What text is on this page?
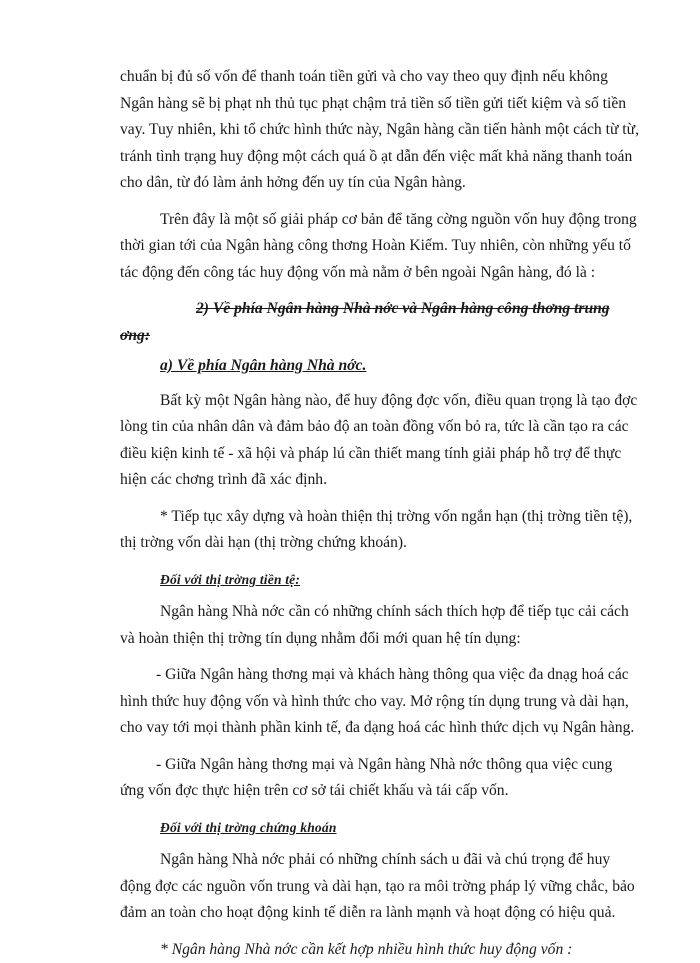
chuẩn bị đủ số vốn để thanh toán tiền gửi và cho vay theo quy định nếu không Ngân hàng sẽ bị phạt nh thủ tục phạt chậm trả tiền số tiền gửi tiết kiệm và số tiền vay. Tuy nhiên, khi tổ chức hình thức này, Ngân hàng cần tiến hành một cách từ từ, tránh tình trạng huy động một cách quá ồ ạt dẫn đến việc mất khả năng thanh toán cho dân, từ đó làm ảnh hởng đến uy tín của Ngân hàng.

Trên đây là một số giải pháp cơ bản để tăng cờng nguồn vốn huy động trong thời gian tới của Ngân hàng công thơng Hoàn Kiếm. Tuy nhiên, còn những yếu tố tác động đến công tác huy động vốn mà nằm ở bên ngoài Ngân hàng, đó là :

2) Về phía Ngân hàng Nhà nớc và Ngân hàng công thơng trung ơng:

a) Về phía Ngân hàng Nhà nớc.

Bất kỳ một Ngân hàng nào, để huy động đợc vốn, điều quan trọng là tạo đợc lòng tin của nhân dân và đảm bảo độ an toàn đồng vốn bỏ ra, tức là cần tạo ra các điều kiện kinh tế - xã hội và pháp lú cần thiết mang tính giải pháp hỗ trợ để thực hiện các chơng trình đã xác định.

* Tiếp tục xây dựng và hoàn thiện thị trờng vốn ngắn hạn (thị trờng tiền tệ), thị trờng vốn dài hạn (thị trờng chứng khoán).

Đối với thị trờng tiền tệ:

Ngân hàng Nhà nớc cần có những chính sách thích hợp để tiếp tục cải cách và hoàn thiện thị trờng tín dụng nhằm đổi mới quan hệ tín dụng:

- Giữa Ngân hàng thơng mại và khách hàng thông qua việc đa dnạg hoá các hình thức huy động vốn và hình thức cho vay. Mở rộng tín dụng trung và dài hạn, cho vay tới mọi thành phần kinh tế, đa dạng hoá các hình thức dịch vụ Ngân hàng.

- Giữa Ngân hàng thơng mại và Ngân hàng Nhà nớc thông qua việc cung ứng vốn đợc thực hiện trên cơ sở tái chiết khấu và tái cấp vốn.

Đối với thị trờng chứng khoán

Ngân hàng Nhà nớc phải có những chính sách u đãi và chú trọng để huy động đợc các nguồn vốn trung và dài hạn, tạo ra môi trờng pháp lý vững chắc, bảo đảm an toàn cho hoạt động kinh tế diễn ra lành mạnh và hoạt động có hiệu quả.

* Ngân hàng Nhà nớc cần kết hợp nhiều hình thức huy động vốn :
